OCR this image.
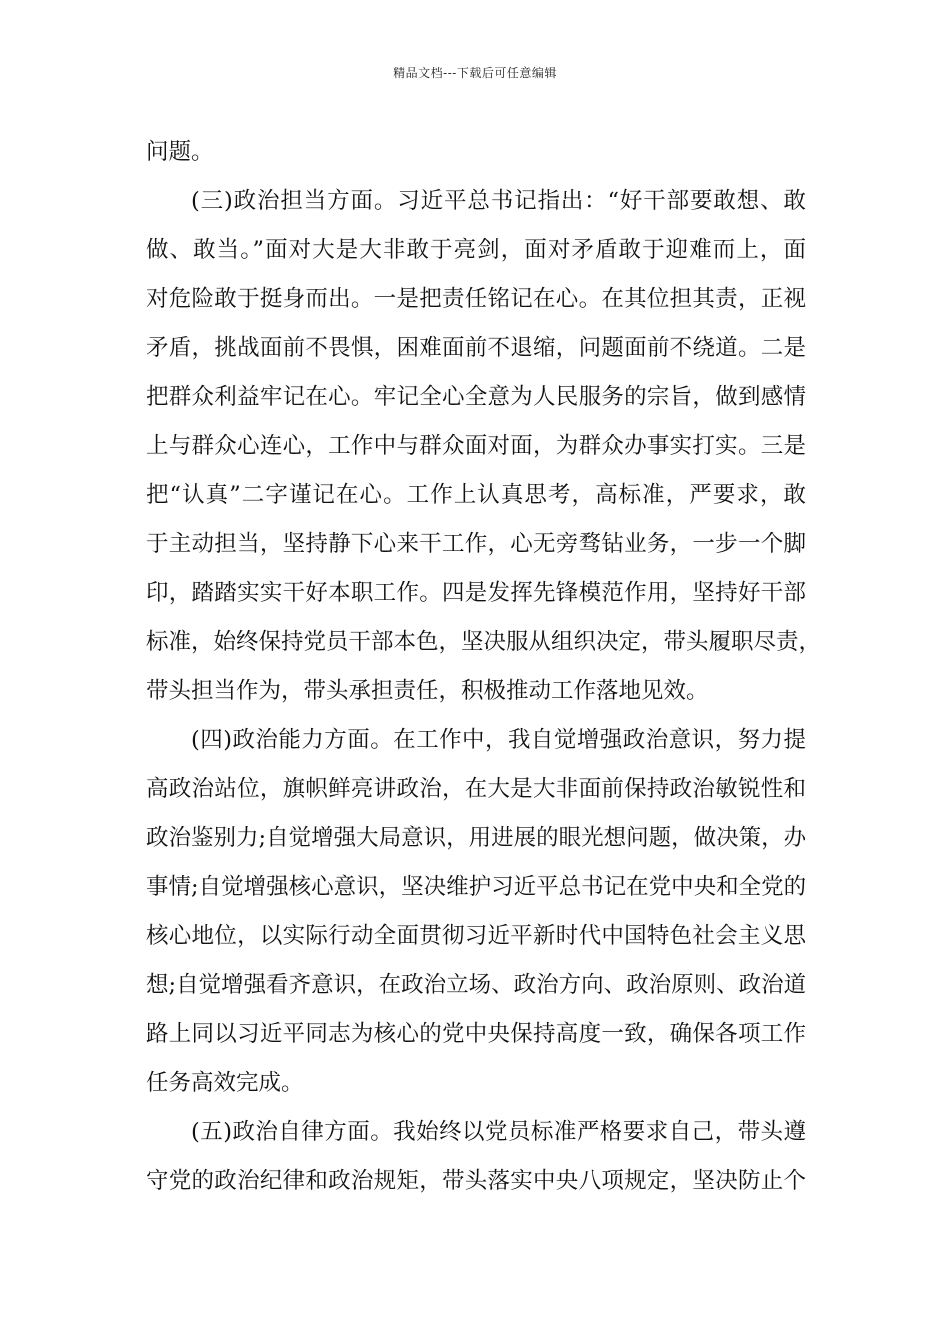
精品文档---下载后可任意编辑
问题。
(三)政治担当方面。习近平总书记指出：“好干部要敢想、敢
做、敢当。”面对大是大非敢于亮剑，面对矛盾敢于迎难而上，面
对危险敢于挺身而出。一是把责任铭记在心。在其位担其责，正视
矛盾，挑战面前不畏惧，困难面前不退缩，问题面前不绕道。二是
把群众利益牢记在心。牢记全心全意为人民服务的宗旨，做到感情
上与群众心连心，工作中与群众面对面，为群众办事实打实。三是
把“认真”二字谨记在心。工作上认真思考，高标准，严要求，敢
于主动担当，坚持静下心来干工作，心无旁骛钻业务，一步一个脚
印，踏踏实实干好本职工作。四是发挥先锋模范作用，坚持好干部
标准，始终保持党员干部本色，坚决服从组织决定，带头履职尽责，
带头担当作为，带头承担责任，积极推动工作落地见效。
(四)政治能力方面。在工作中，我自觉增强政治意识，努力提
高政治站位，旗帜鲜亮讲政治，在大是大非面前保持政治敏锐性和
政治鉴别力;自觉增强大局意识，用进展的眼光想问题，做决策，办
事情;自觉增强核心意识，坚决维护习近平总书记在党中央和全党的
核心地位，以实际行动全面贯彻习近平新时代中国特色社会主义思
想;自觉增强看齐意识，在政治立场、政治方向、政治原则、政治道
路上同以习近平同志为核心的党中央保持高度一致，确保各项工作
任务高效完成。
(五)政治自律方面。我始终以党员标准严格要求自己，带头遵
守党的政治纪律和政治规矩，带头落实中央八项规定，坚决防止个
